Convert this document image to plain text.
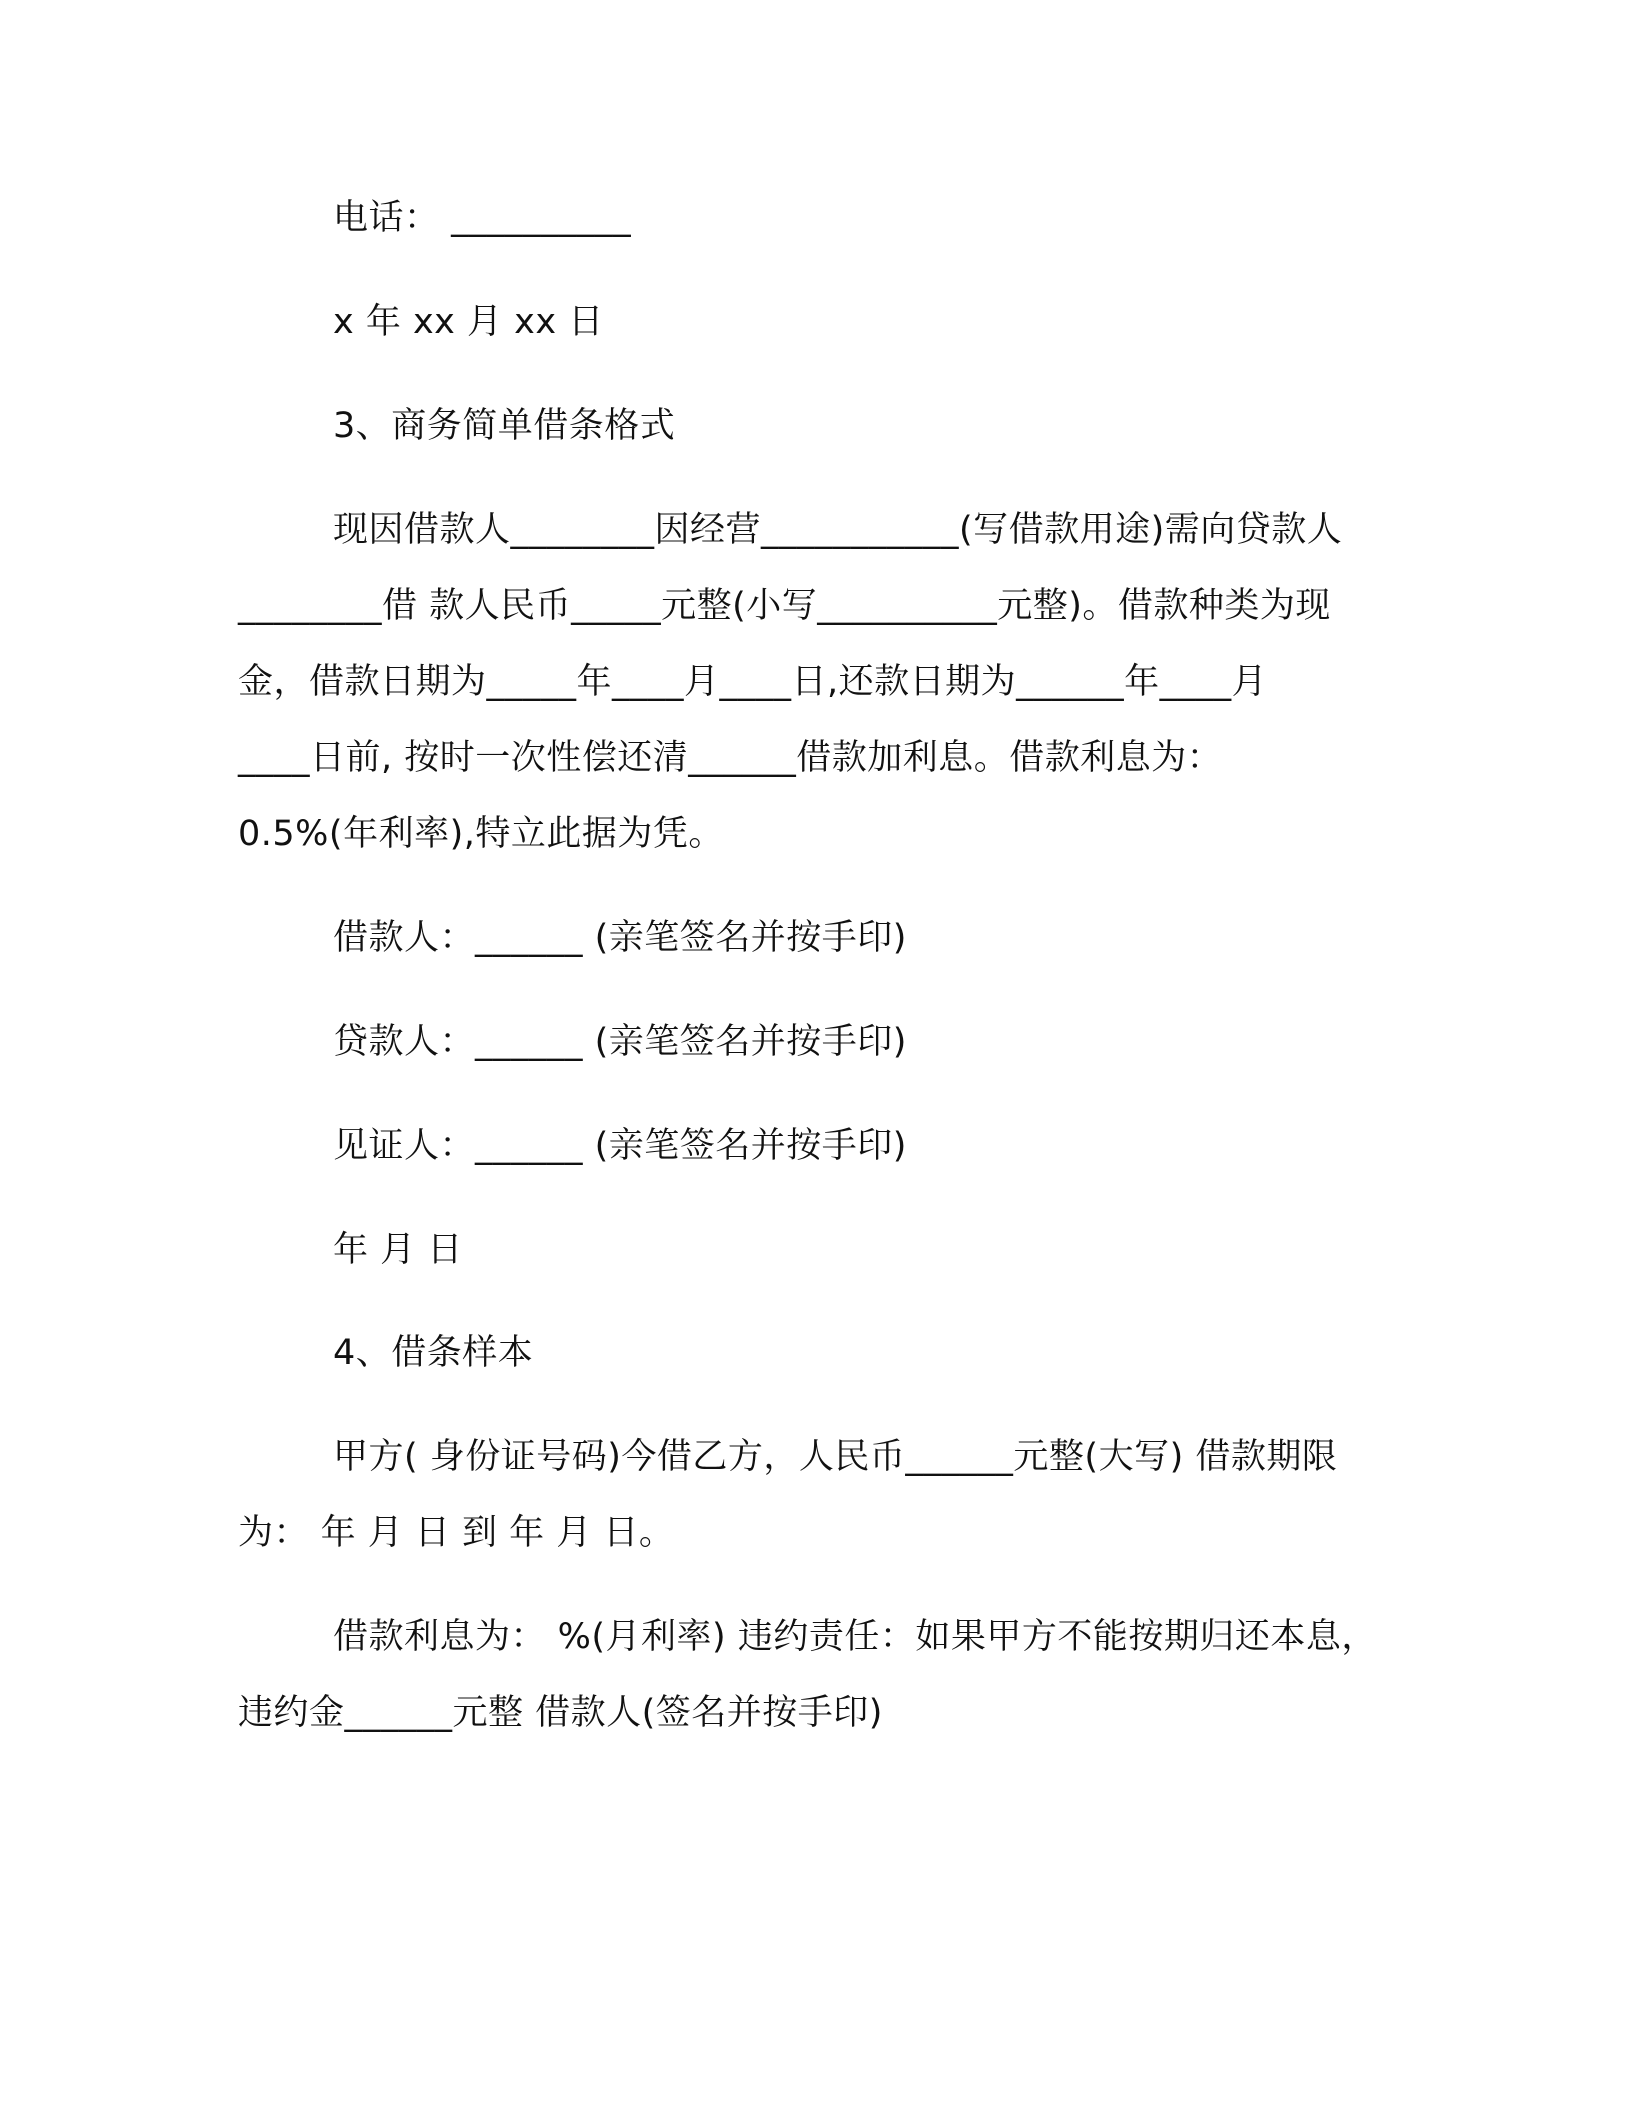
电话： __________
x 年 xx 月 xx 日
3、商务简单借条格式
现因借款人________因经营___________(写借款用途)需向贷款人
________借 款人民币_____元整(小写__________元整)。借款种类为现
金，借款日期为_____年____月____日,还款日期为______年____月
____日前, 按时一次性偿还清______借款加利息。借款利息为：
0.5%(年利率),特立此据为凭。
借款人：______ (亲笔签名并按手印)
贷款人：______ (亲笔签名并按手印)
见证人：______ (亲笔签名并按手印)
年 月 日
4、借条样本
甲方( 身份证号码)今借乙方，人民币______元整(大写) 借款期限
为： 年 月 日 到 年 月 日。
借款利息为： %(月利率) 违约责任：如果甲方不能按期归还本息，
违约金______元整 借款人(签名并按手印)
